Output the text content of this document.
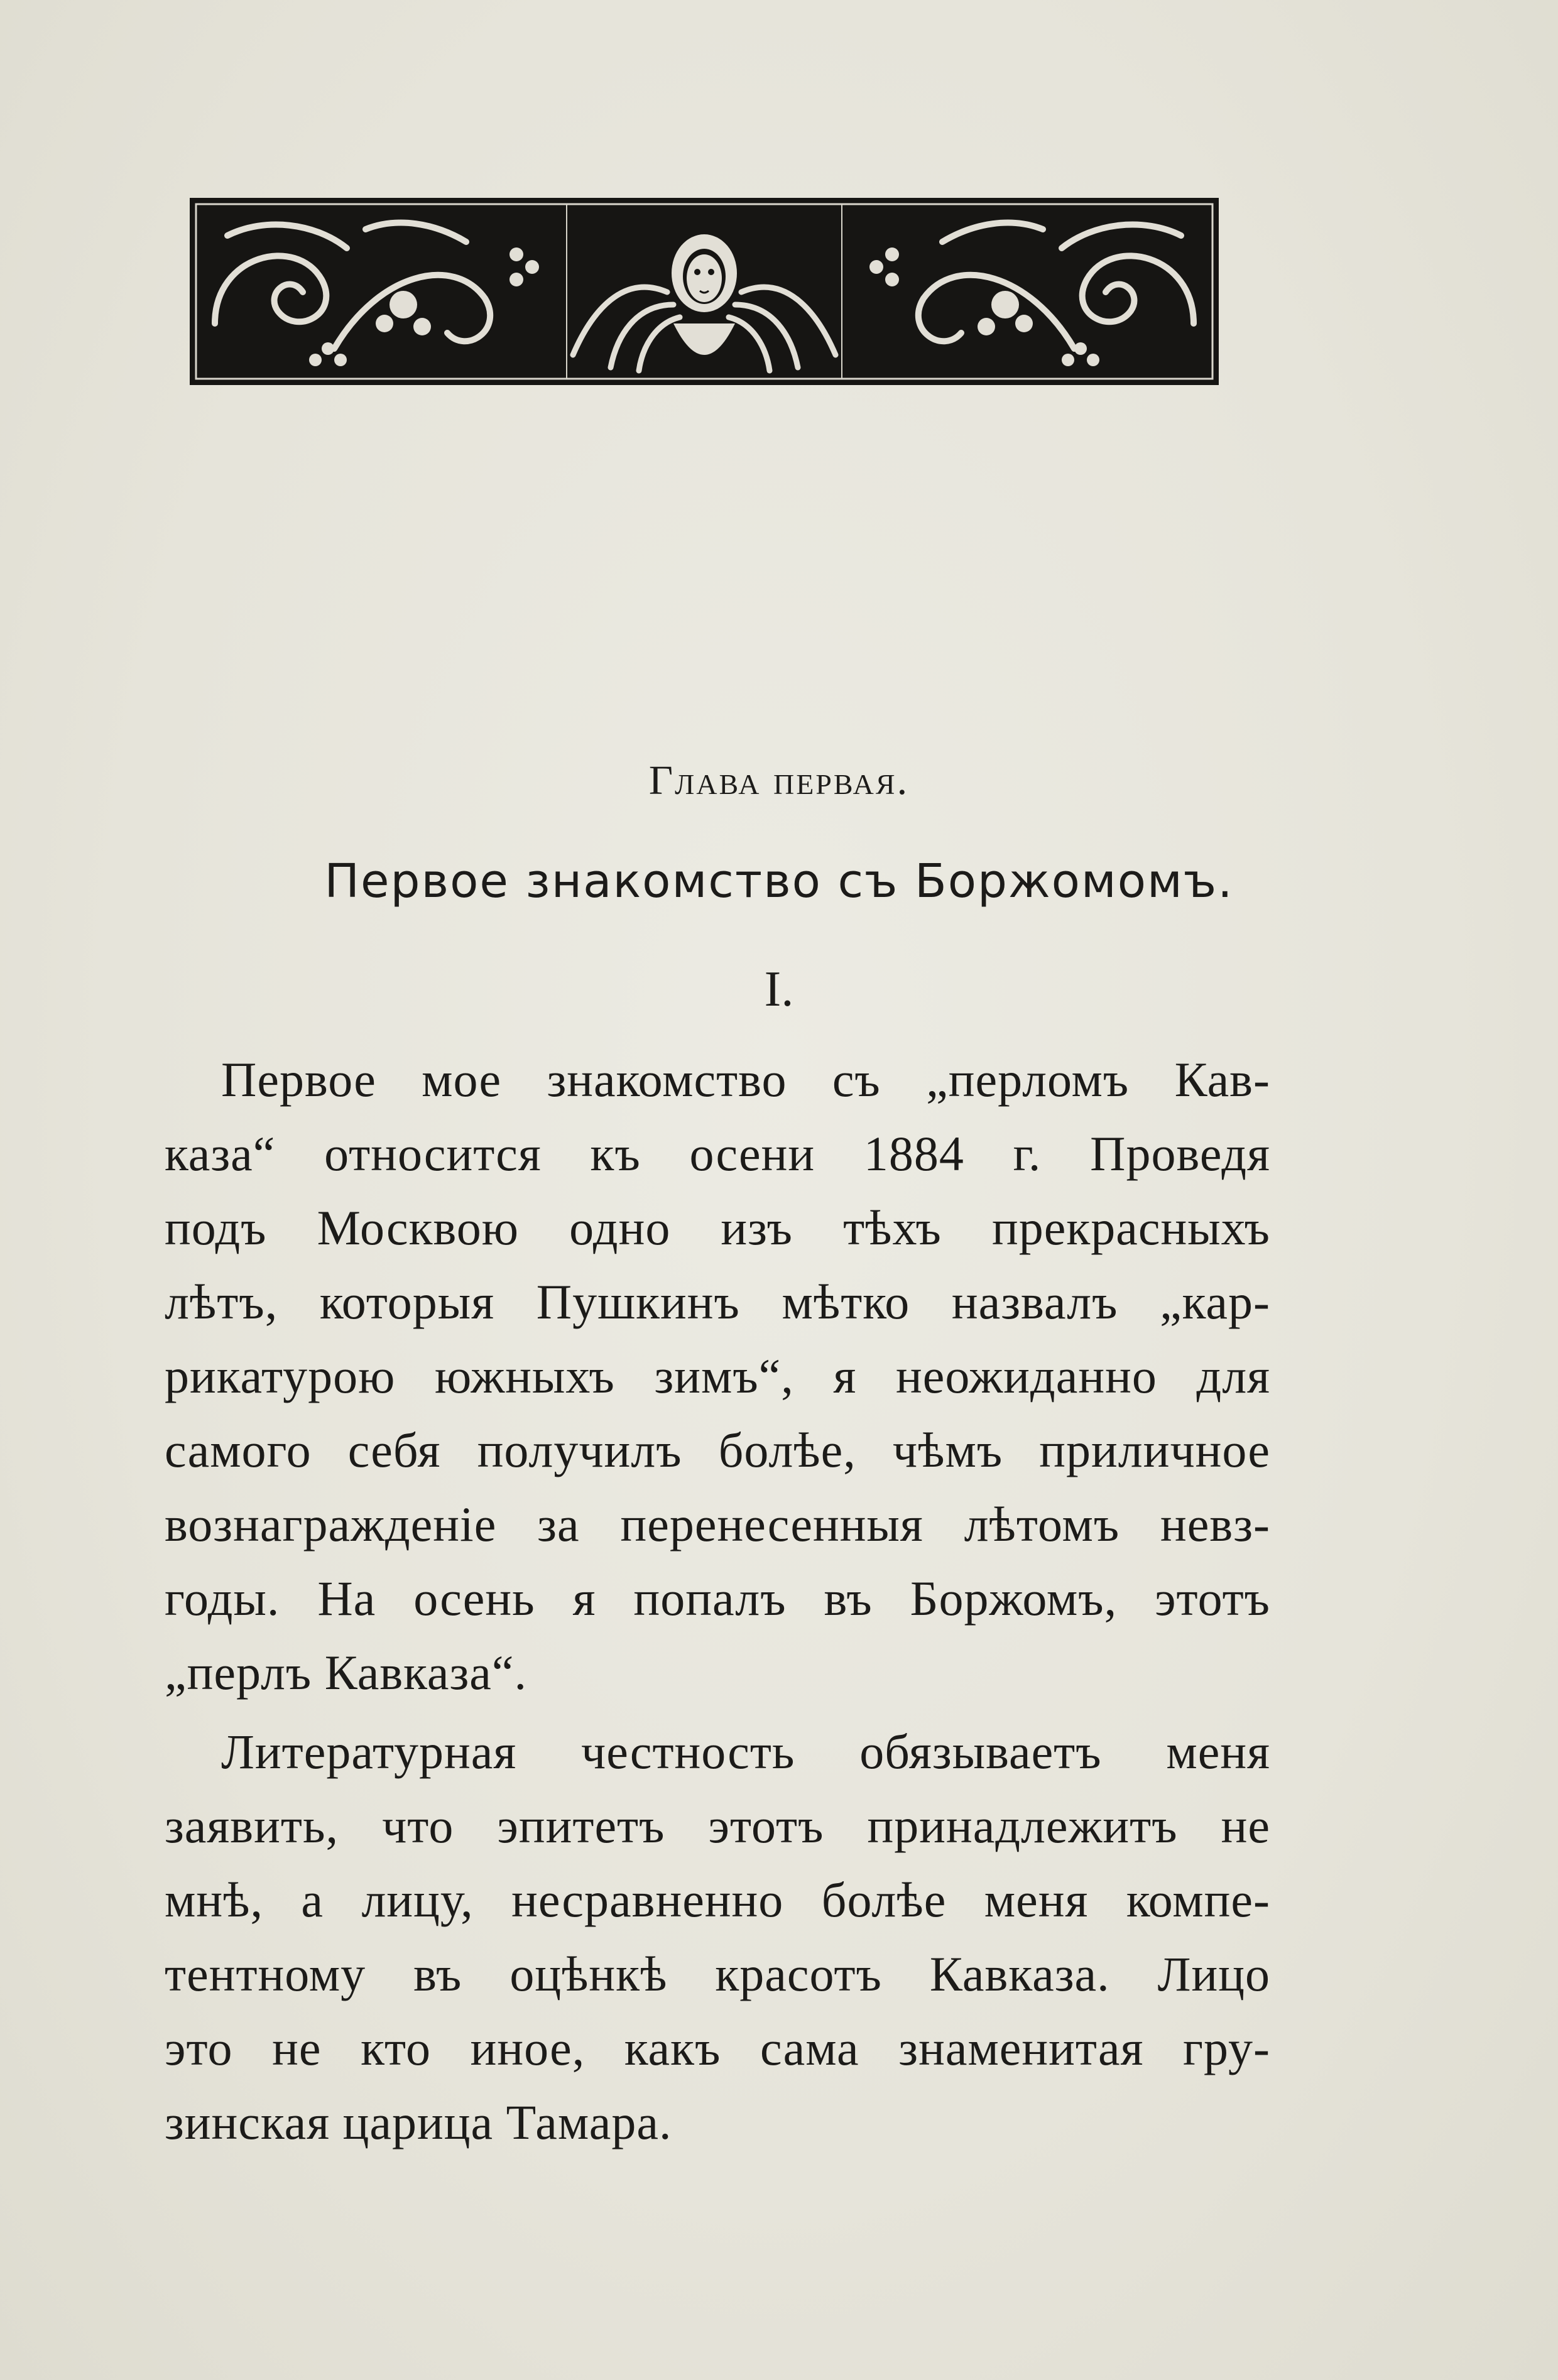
Глава первая.
Первое знакомство съ Боржомомъ.
I.
Первое мое знакомство съ „перломъ Кав-
каза“ относится къ осени 1884 г. Проведя
подъ Москвою одно изъ тѣхъ прекрасныхъ
лѣтъ, которыя Пушкинъ мѣтко назвалъ „кар-
рикатурою южныхъ зимъ“, я неожиданно для
самого себя получилъ болѣе, чѣмъ приличное
вознагражденіе за перенесенныя лѣтомъ невз-
годы. На осень я попалъ въ Боржомъ, этотъ
„перлъ Кавказа“.
Литературная честность обязываетъ меня
заявить, что эпитетъ этотъ принадлежитъ не
мнѣ, а лицу, несравненно болѣе меня компе-
тентному въ оцѣнкѣ красотъ Кавказа. Лицо
это не кто иное, какъ сама знаменитая гру-
зинская царица Тамара.
